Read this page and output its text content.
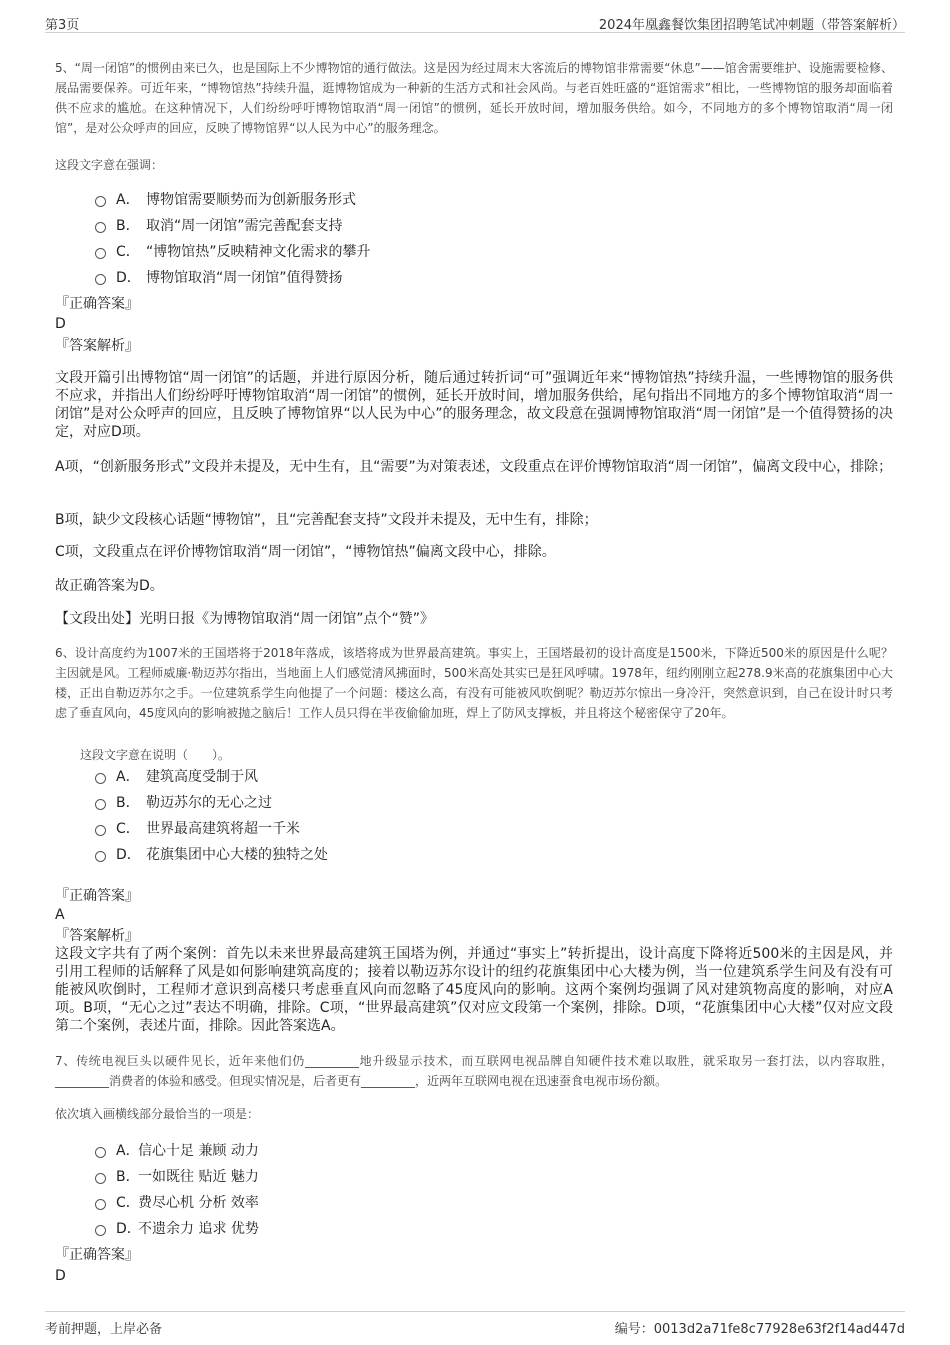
第3页	2024年凰鑫餐饮集团招聘笔试冲刺题（带答案解析）
5、“周一闭馆”的惯例由来已久，也是国际上不少博物馆的通行做法。这是因为经过周末大客流后的博物馆非常需要“休息”——馆舍需要维护、设施需要检修、展品需要保养。可近年来，“博物馆热”持续升温，逛博物馆成为一种新的生活方式和社会风尚。与老百姓旺盛的“逛馆需求”相比，一些博物馆的服务却面临着供不应求的尴尬。在这种情况下，人们纷纷呼吁博物馆取消“周一闭馆”的惯例，延长开放时间，增加服务供给。如今，不同地方的多个博物馆取消“周一闭馆”，是对公众呼声的回应，反映了博物馆界“以人民为中心”的服务理念。
这段文字意在强调：
A． 博物馆需要顺势而为创新服务形式
B． 取消“周一闭馆”需完善配套支持
C． “博物馆热”反映精神文化需求的攀升
D． 博物馆取消“周一闭馆”值得赞扬
『正确答案』
D
『答案解析』
文段开篇引出博物馆“周一闭馆”的话题，并进行原因分析，随后通过转折词“可”强调近年来“博物馆热”持续升温，一些博物馆的服务供不应求，并指出人们纷纷呼吁博物馆取消“周一闭馆”的惯例，延长开放时间，增加服务供给，尾句指出不同地方的多个博物馆取消“周一闭馆”是对公众呼声的回应，且反映了博物馆界“以人民为中心”的服务理念，故文段意在强调博物馆取消“周一闭馆”是一个值得赞扬的决定，对应D项。
A项，“创新服务形式”文段并未提及，无中生有，且“需要”为对策表述，文段重点在评价博物馆取消“周一闭馆”，偏离文段中心，排除；
B项，缺少文段核心话题“博物馆”，且“完善配套支持”文段并未提及，无中生有，排除；
C项，文段重点在评价博物馆取消“周一闭馆”，“博物馆热”偏离文段中心，排除。
故正确答案为D。
【文段出处】光明日报《为博物馆取消“周一闭馆”点个“赞”》
6、设计高度约为1007米的王国塔将于2018年落成，该塔将成为世界最高建筑。事实上，王国塔最初的设计高度是1500米，下降近500米的原因是什么呢？主因就是风。工程师威廉·勒迈苏尔指出，当地面上人们感觉清风拂面时，500米高处其实已是狂风呼啸。1978年，纽约刚刚立起278.9米高的花旗集团中心大楼，正出自勒迈苏尔之手。一位建筑系学生向他提了一个问题：楼这么高，有没有可能被风吹倒呢？勒迈苏尔惊出一身冷汗，突然意识到，自己在设计时只考虑了垂直风向，45度风向的影响被抛之脑后！工作人员只得在半夜偷偷加班，焊上了防风支撑板，并且将这个秘密保守了20年。
这段文字意在说明（　　）。
A． 建筑高度受制于风
B． 勒迈苏尔的无心之过
C． 世界最高建筑将超一千米
D． 花旗集团中心大楼的独特之处
『正确答案』
A
『答案解析』
这段文字共有了两个案例：首先以未来世界最高建筑王国塔为例，并通过“事实上”转折提出，设计高度下降将近500米的主因是风，并引用工程师的话解释了风是如何影响建筑高度的；接着以勒迈苏尔设计的纽约花旗集团中心大楼为例，当一位建筑系学生问及有没有可能被风吹倒时，工程师才意识到高楼只考虑垂直风向而忽略了45度风向的影响。这两个案例均强调了风对建筑物高度的影响，对应A项。B项，“无心之过”表达不明确，排除。C项，“世界最高建筑”仅对应文段第一个案例，排除。D项，“花旗集团中心大楼”仅对应文段第二个案例，表述片面，排除。因此答案选A。
7、传统电视巨头以硬件见长，近年来他们仍_________地升级显示技术，而互联网电视品牌自知硬件技术难以取胜，就采取另一套打法，以内容取胜，_________消费者的体验和感受。但现实情况是，后者更有_________，近两年互联网电视在迅速蚕食电视市场份额。
依次填入画横线部分最恰当的一项是：
A．
信心十足 兼顾 动力
B．
一如既往 贴近 魅力
C．
费尽心机 分析 效率
D．
不遗余力 追求 优势
『正确答案』
D
考前押题，上岸必备	编号：0013d2a71fe8c77928e63f2f14ad447d
